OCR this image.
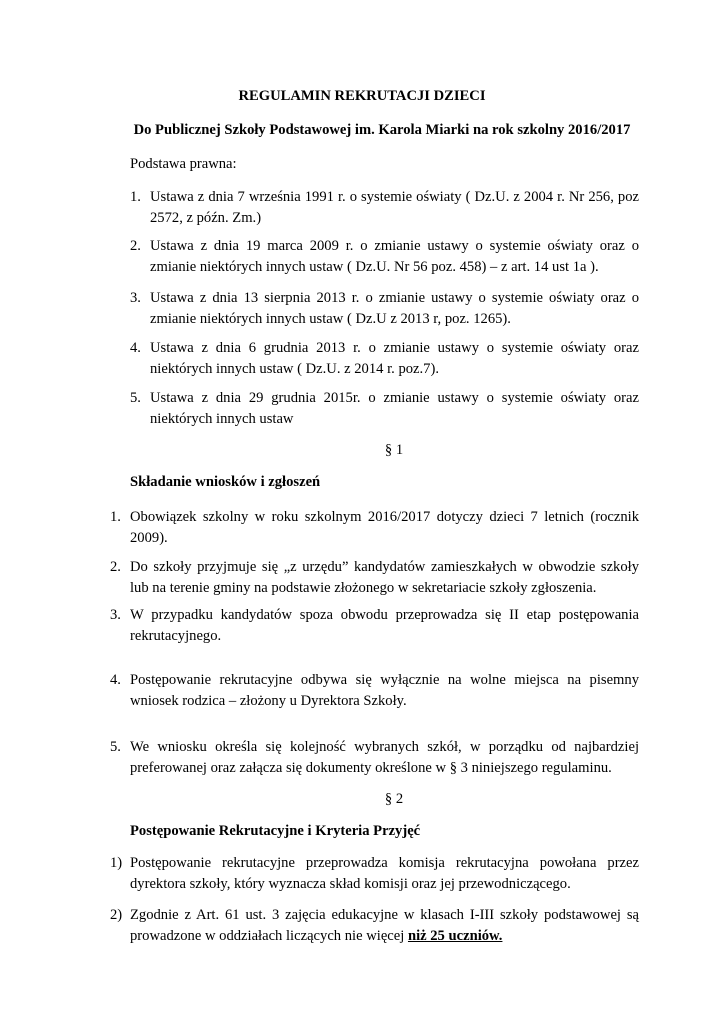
REGULAMIN REKRUTACJI DZIECI
Do Publicznej Szkoły Podstawowej im. Karola Miarki na rok szkolny 2016/2017
Podstawa prawna:
1. Ustawa z dnia 7 września 1991 r. o systemie oświaty ( Dz.U. z 2004 r. Nr 256, poz 2572, z późn. Zm.)
2. Ustawa z dnia 19 marca 2009 r. o zmianie ustawy o systemie oświaty oraz o zmianie niektórych innych ustaw ( Dz.U. Nr 56 poz. 458) – z art. 14 ust 1a ).
3. Ustawa z dnia 13 sierpnia 2013 r. o zmianie ustawy o systemie oświaty oraz o zmianie niektórych innych ustaw ( Dz.U z 2013 r, poz. 1265).
4. Ustawa z dnia 6 grudnia 2013 r. o zmianie ustawy o systemie oświaty oraz niektórych innych ustaw ( Dz.U. z 2014 r. poz.7).
5. Ustawa z dnia 29 grudnia 2015r. o zmianie ustawy o systemie oświaty oraz niektórych innych ustaw
§ 1
Składanie wniosków i zgłoszeń
1. Obowiązek szkolny w roku szkolnym 2016/2017 dotyczy dzieci 7 letnich (rocznik 2009).
2. Do szkoły przyjmuje się „z urzędu” kandydatów zamieszkałych w obwodzie szkoły lub na terenie gminy na podstawie złożonego w sekretariacie szkoły zgłoszenia.
3. W przypadku kandydatów spoza obwodu przeprowadza się II etap postępowania rekrutacyjnego.
4. Postępowanie rekrutacyjne odbywa się wyłącznie na wolne miejsca na pisemny wniosek rodzica – złożony u Dyrektora Szkoły.
5. We wniosku określa się kolejność wybranych szkół, w porządku od najbardziej preferowanej oraz załącza się dokumenty określone w § 3 niniejszego regulaminu.
§ 2
Postępowanie Rekrutacyjne i Kryteria Przyjęć
1) Postępowanie rekrutacyjne przeprowadza komisja rekrutacyjna powołana przez dyrektora szkoły, który wyznacza skład komisji oraz jej przewodniczącego.
2) Zgodnie z Art. 61 ust. 3 zajęcia edukacyjne w klasach I-III szkoły podstawowej są prowadzone w oddziałach liczących nie więcej niż 25 uczniów.
